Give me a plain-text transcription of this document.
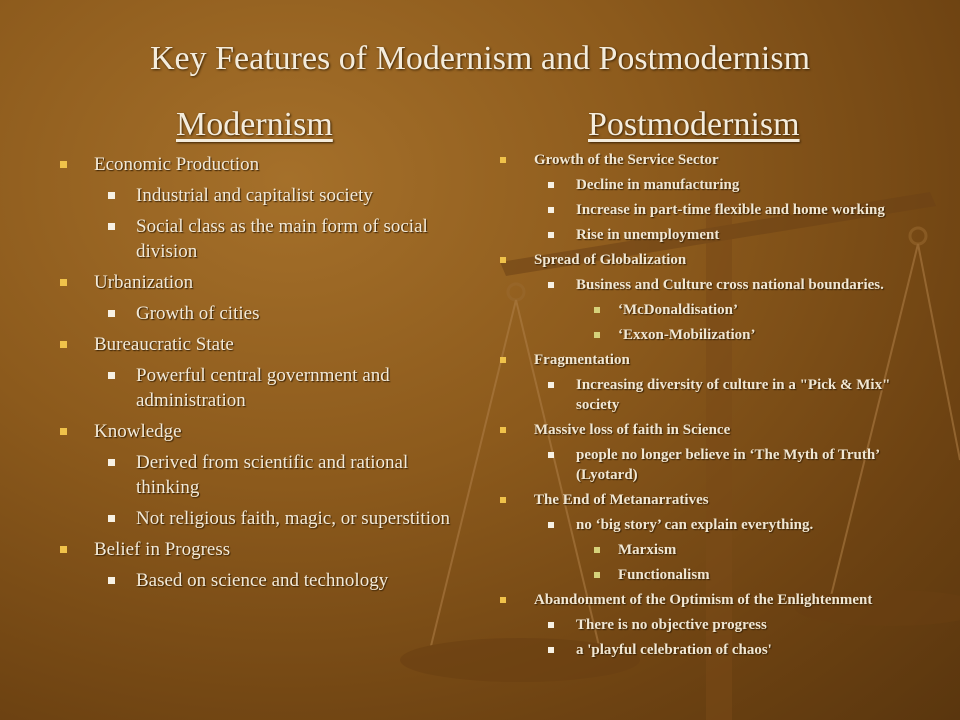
Key Features of Modernism and Postmodernism
Modernism	Postmodernism
Economic Production
Industrial and capitalist society
Social class as the main form of social division
Urbanization
Growth of cities
Bureaucratic State
Powerful central government and administration
Knowledge
Derived from scientific and rational thinking
Not religious faith, magic, or superstition
Belief in Progress
Based on science and technology
Growth of the Service Sector
Decline in manufacturing
Increase in part-time flexible and home working
Rise in unemployment
Spread of Globalization
Business and Culture cross national boundaries.
‘McDonaldisation’
‘Exxon-Mobilization’
Fragmentation
Increasing diversity of culture in a "Pick & Mix" society
Massive loss of faith in Science
people no longer believe in ‘The Myth of Truth’ (Lyotard)
The End of Metanarratives
no ‘big story’ can explain everything.
Marxism
Functionalism
Abandonment of the Optimism of the Enlightenment
There is no objective progress
a 'playful celebration of chaos'
